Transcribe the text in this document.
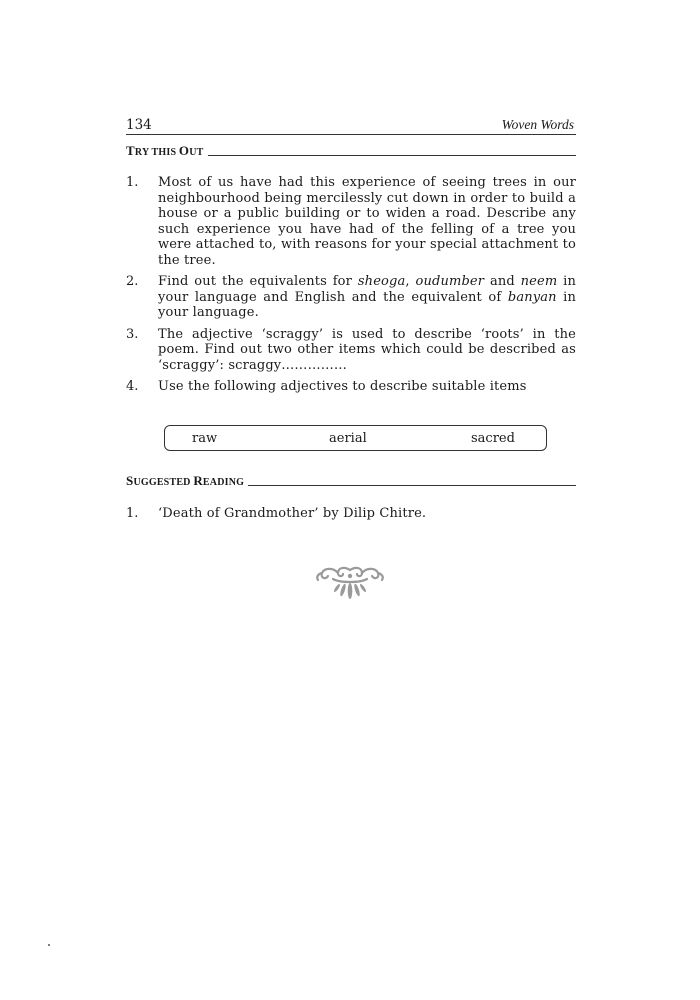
134	Woven Words
TRY THIS OUT
1.	Most of us have had this experience of seeing trees in our neighbourhood being mercilessly cut down in order to build a house or a public building or to widen a road. Describe any such experience you have had of the felling of a tree you were attached to, with reasons for your special attachment to the tree.
2.	Find out the equivalents for sheoga, oudumber and neem in your language and English and the equivalent of banyan in your language.
3.	The adjective ‘scraggy’ is used to describe ‘roots’ in the poem. Find out two other items which could be described as ‘scraggy’: scraggy……………
4.	Use the following adjectives to describe suitable items
raw	aerial	sacred
SUGGESTED READING
1.	‘Death of Grandmother’ by Dilip Chitre.
